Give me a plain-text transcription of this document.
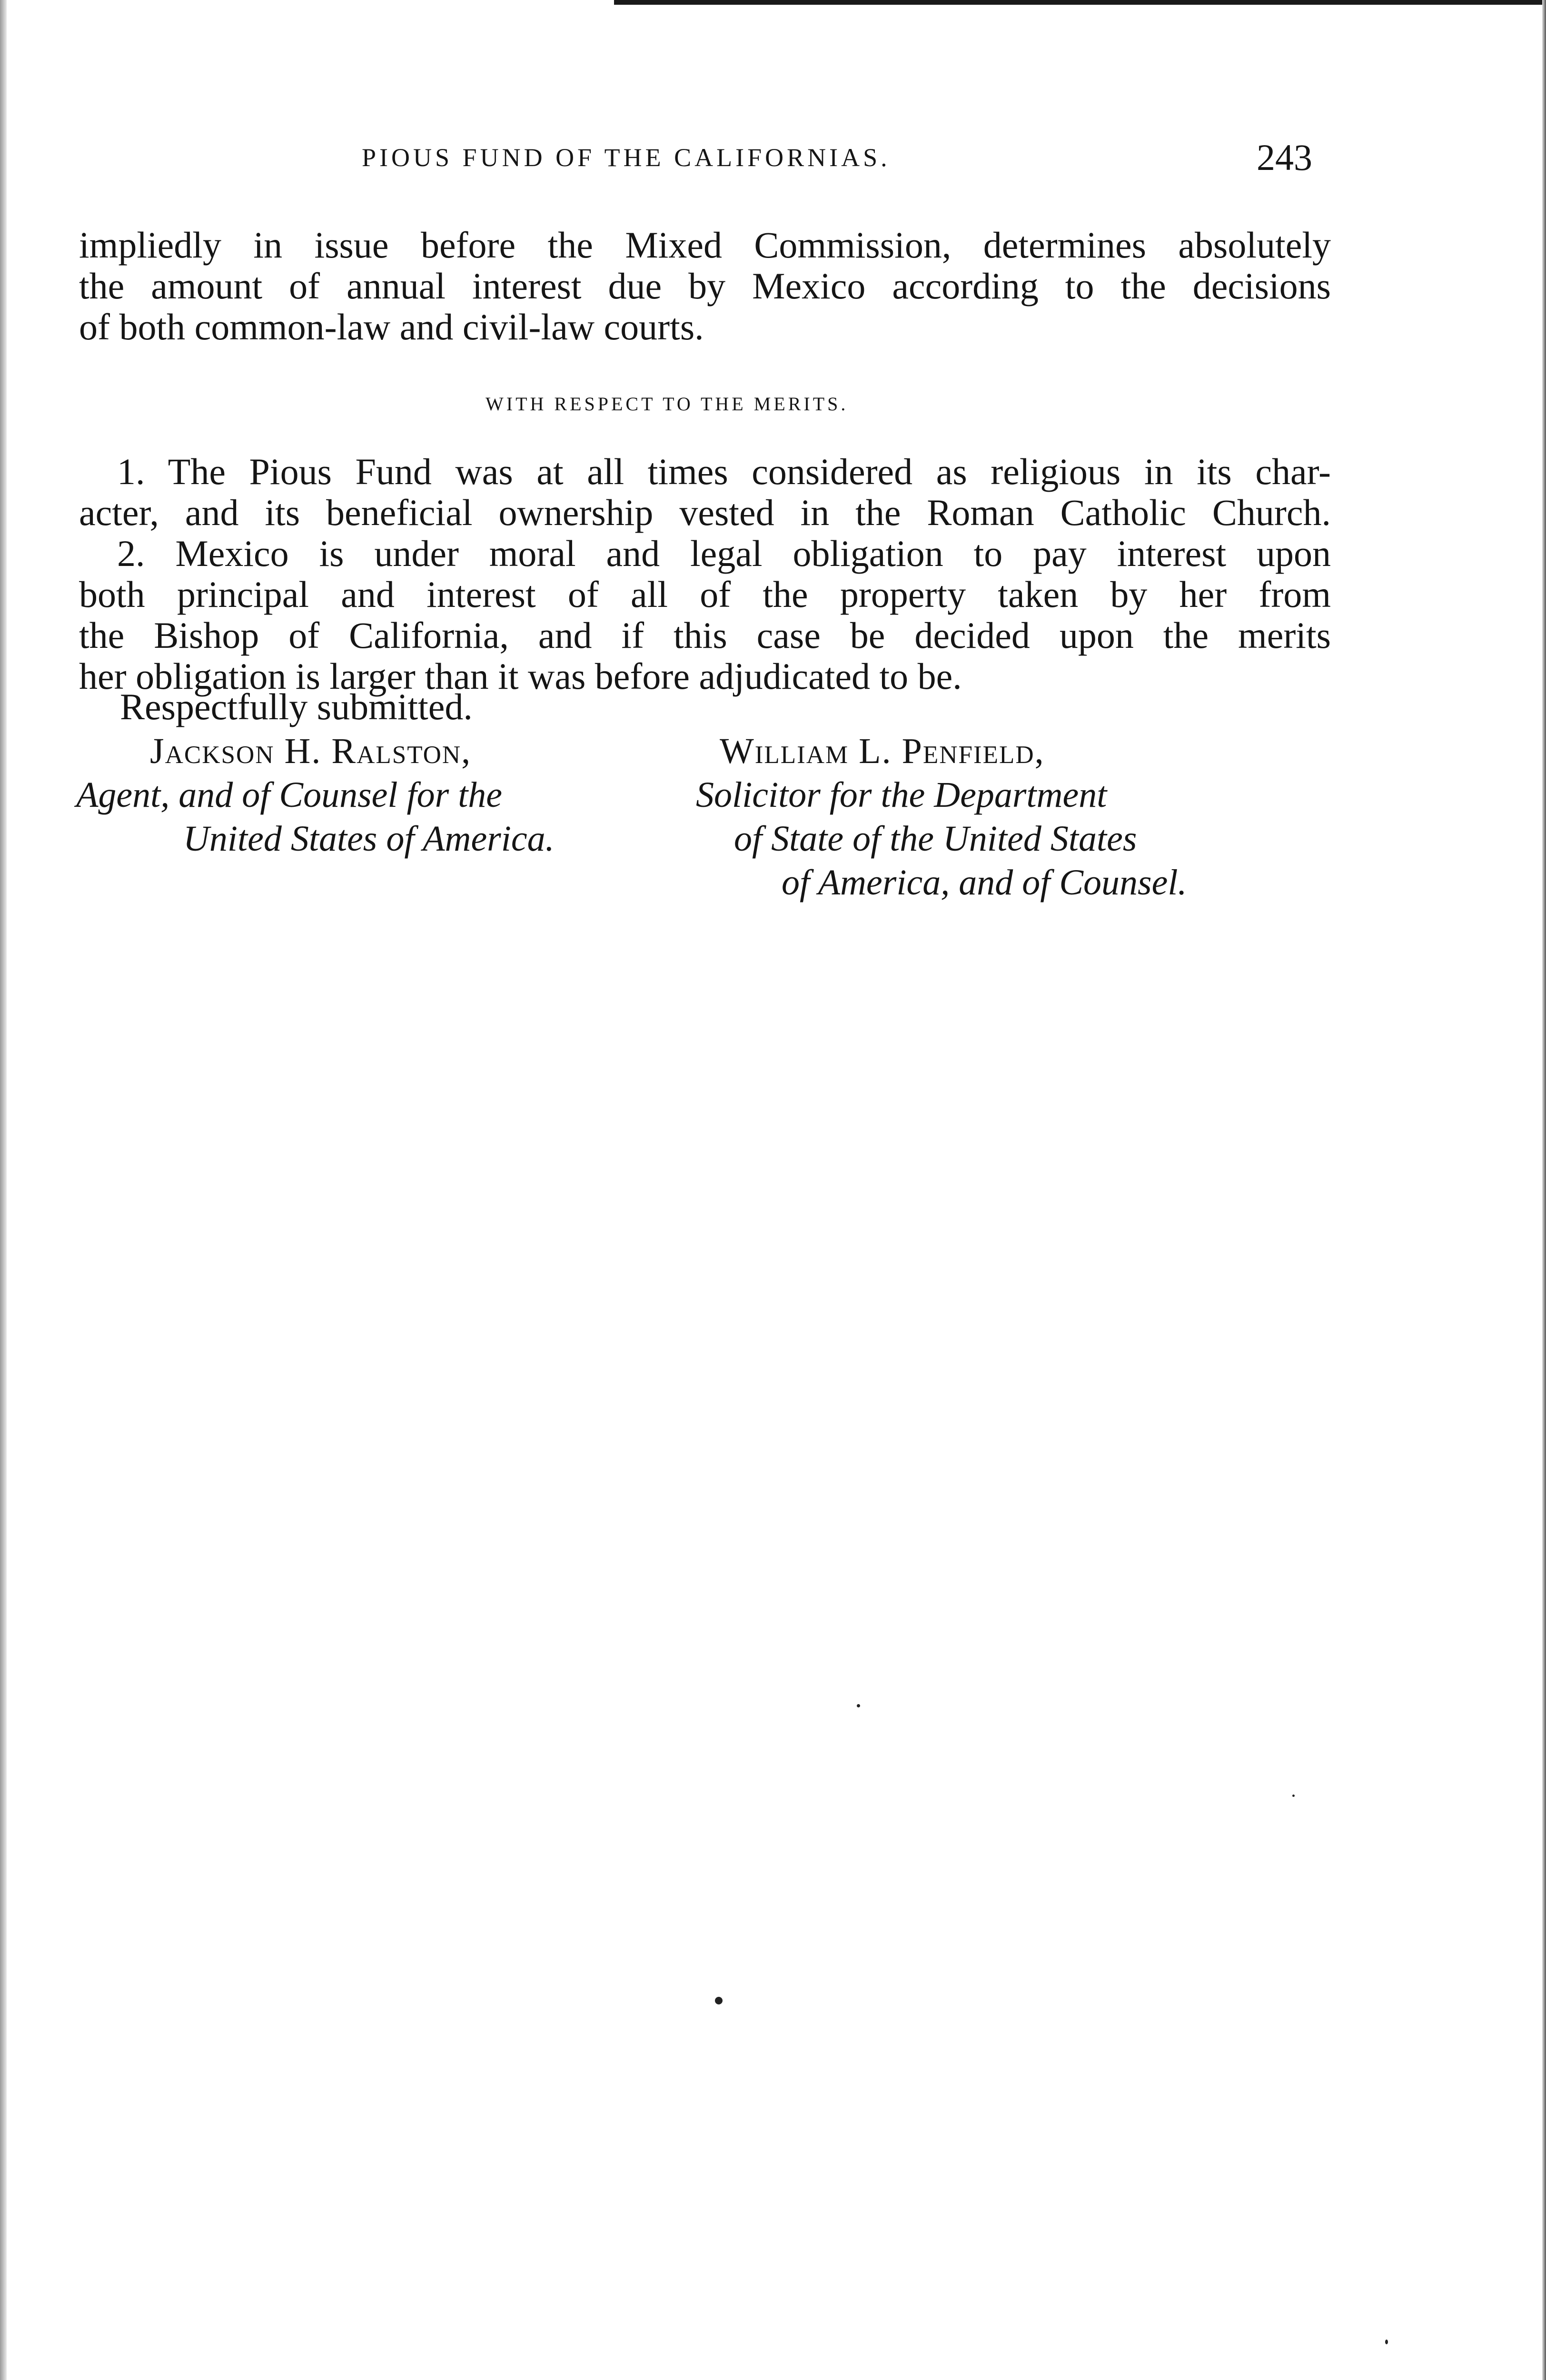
PIOUS FUND OF THE CALIFORNIAS.	243
impliedly in issue before the Mixed Commission, determines absolutely
the amount of annual interest due by Mexico according to the decisions
of both common-law and civil-law courts.
WITH RESPECT TO THE MERITS.
1. The Pious Fund was at all times considered as religious in its char-
acter, and its beneficial ownership vested in the Roman Catholic Church.
2. Mexico is under moral and legal obligation to pay interest upon
both principal and interest of all of the property taken by her from
the Bishop of California, and if this case be decided upon the merits
her obligation is larger than it was before adjudicated to be.
Respectfully submitted.
Jackson H. Ralston,
Agent, and of Counsel for the
United States of America.
William L. Penfield,
Solicitor for the Department
of State of the United States
of America, and of Counsel.
